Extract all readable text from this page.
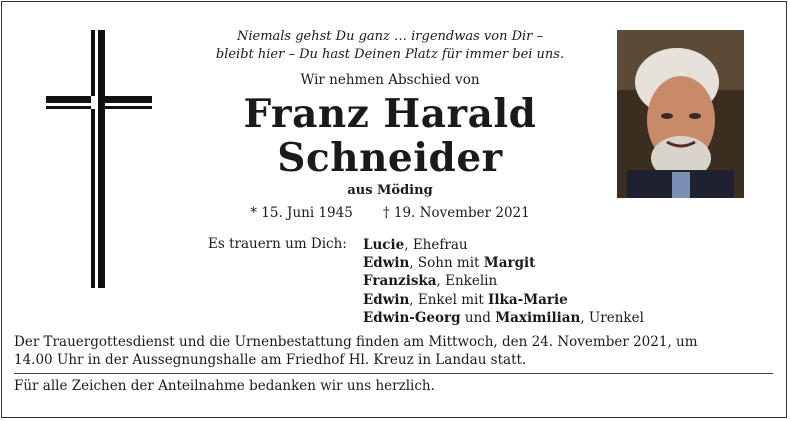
Niemals gehst Du ganz … irgendwas von Dir –
bleibt hier – Du hast Deinen Platz für immer bei uns.
Wir nehmen Abschied von
Franz Harald
Schneider
aus Möding
* 15. Juni 1945 † 19. November 2021
Es trauern um Dich: Lucie, Ehefrau
Edwin, Sohn mit Margit
Franziska, Enkelin
Edwin, Enkel mit Ilka-Marie
Edwin-Georg und Maximilian, Urenkel
Der Trauergottesdienst und die Urnenbestattung finden am Mittwoch, den 24. November 2021, um
14.00 Uhr in der Aussegnungshalle am Friedhof Hl. Kreuz in Landau statt.
Für alle Zeichen der Anteilnahme bedanken wir uns herzlich.
